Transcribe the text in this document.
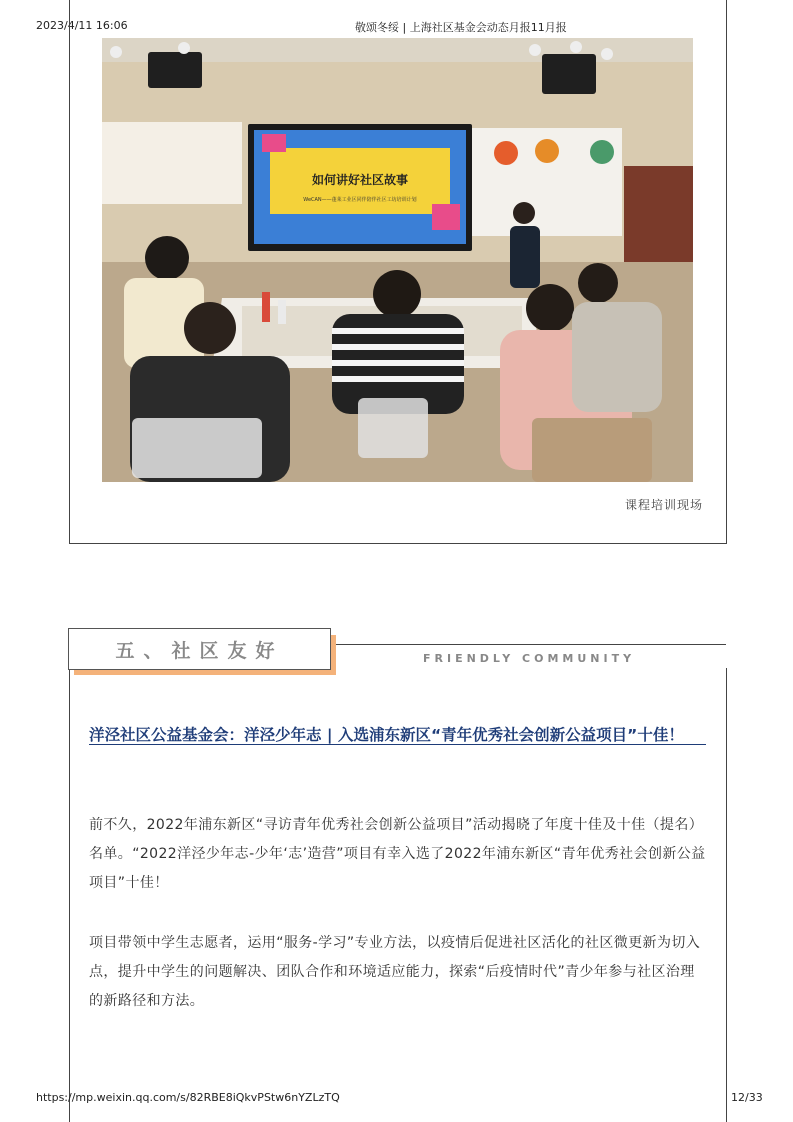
2023/4/11 16:06	敬颂冬绥 | 上海社区基金会动态月报11月报
如何讲好社区故事
WeCAN——蓬莱工业区同伴陪伴社区工坊培训计划
课程培训现场
五、社区友好	FRIENDLY COMMUNITY
洋泾社区公益基金会：洋泾少年志 | 入选浦东新区“青年优秀社会创新公益项目”十佳！
前不久，2022年浦东新区“寻访青年优秀社会创新公益项目”活动揭晓了年度十佳及十佳（提名）名单。“2022洋泾少年志-少年‘志’造营”项目有幸入选了2022年浦东新区“青年优秀社会创新公益项目”十佳！
项目带领中学生志愿者，运用“服务-学习”专业方法，以疫情后促进社区活化的社区微更新为切入点，提升中学生的问题解决、团队合作和环境适应能力，探索“后疫情时代”青少年参与社区治理的新路径和方法。
https://mp.weixin.qq.com/s/82RBE8iQkvPStw6nYZLzTQ	12/33
